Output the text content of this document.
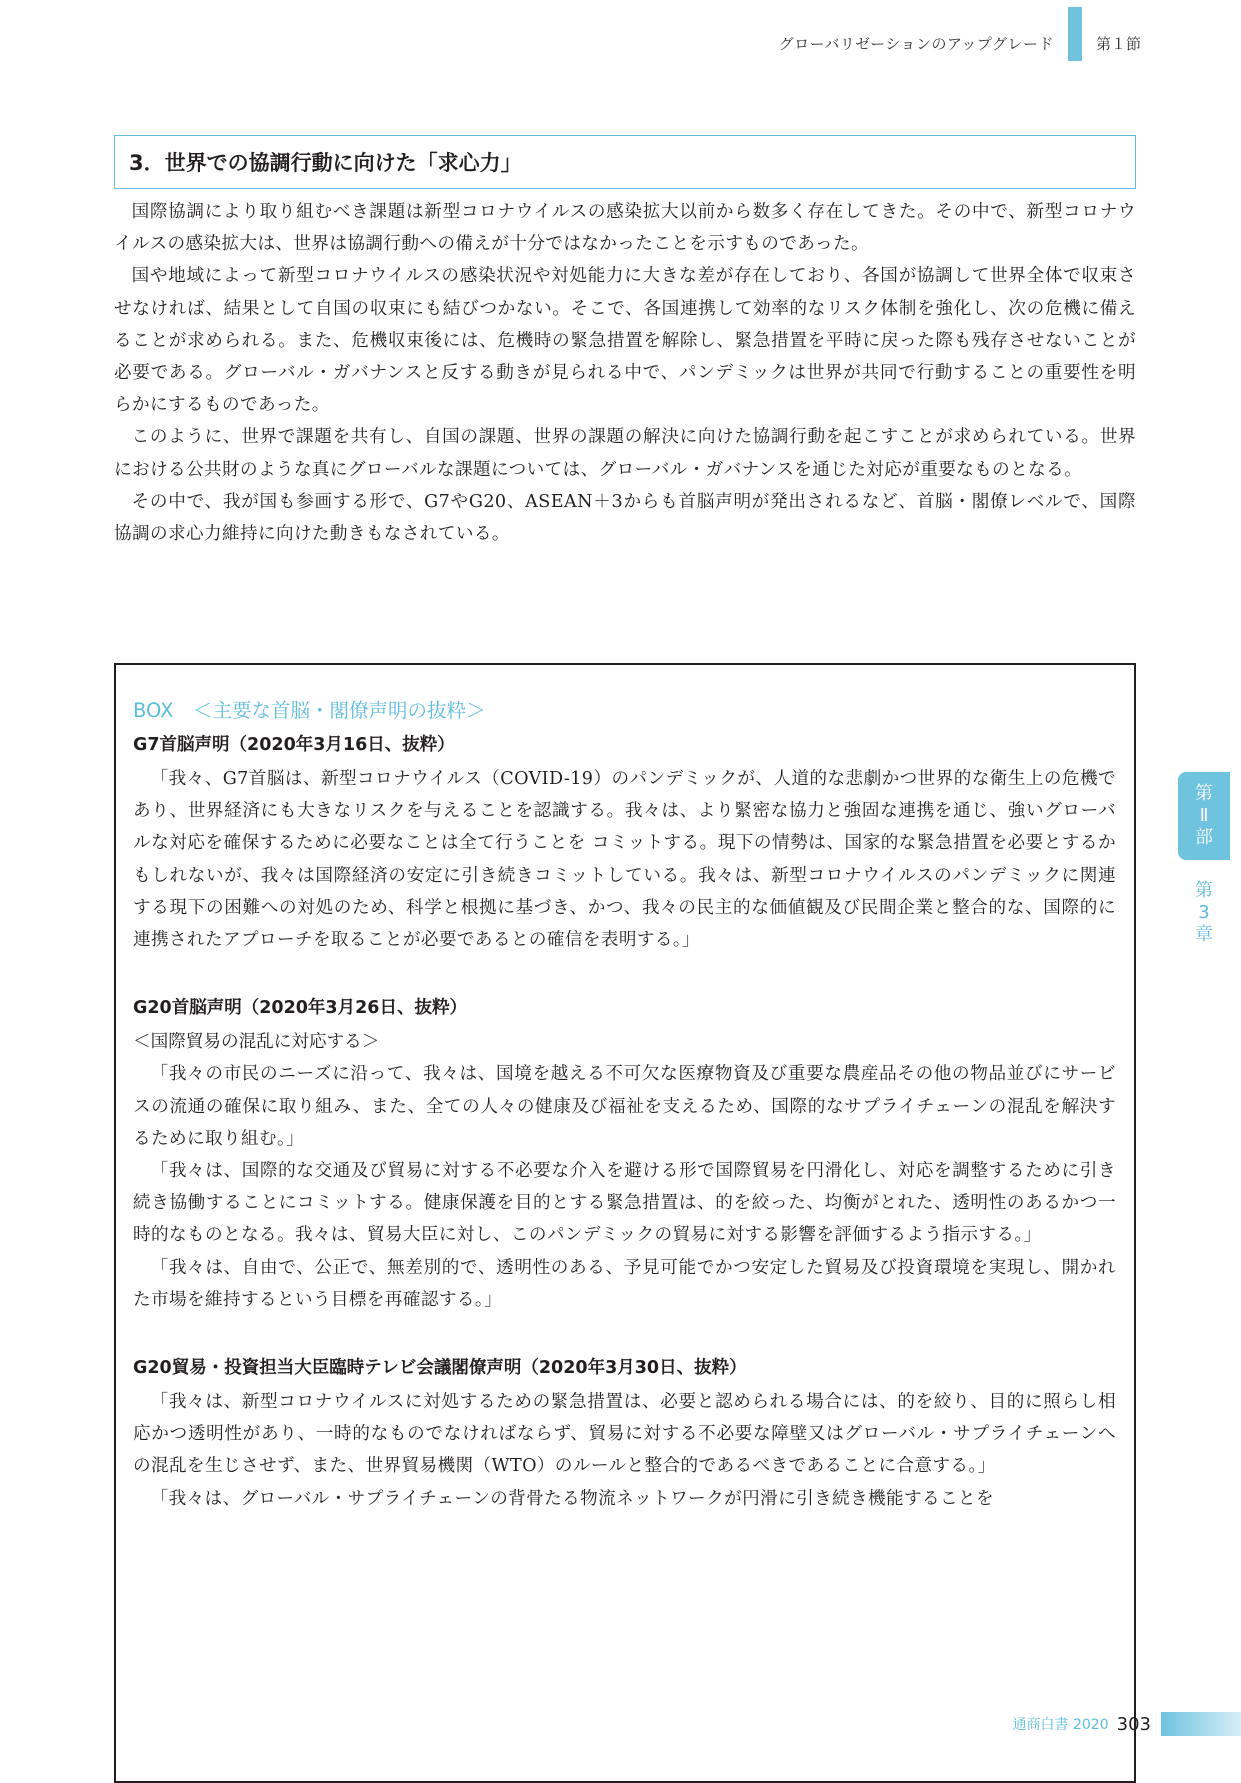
グローバリゼーションのアップグレード	第１節
3．世界での協調行動に向けた「求心力」

国際協調により取り組むべき課題は新型コロナウイルスの感染拡大以前から数多く存在してきた。その中で、新型コロナウイルスの感染拡大は、世界は協調行動への備えが十分ではなかったことを示すものであった。

国や地域によって新型コロナウイルスの感染状況や対処能力に大きな差が存在しており、各国が協調して世界全体で収束させなければ、結果として自国の収束にも結びつかない。そこで、各国連携して効率的なリスク体制を強化し、次の危機に備えることが求められる。また、危機収束後には、危機時の緊急措置を解除し、緊急措置を平時に戻った際も残存させないことが必要である。グローバル・ガバナンスと反する動きが見られる中で、パンデミックは世界が共同で行動することの重要性を明らかにするものであった。

このように、世界で課題を共有し、自国の課題、世界の課題の解決に向けた協調行動を起こすことが求められている。世界における公共財のような真にグローバルな課題については、グローバル・ガバナンスを通じた対応が重要なものとなる。

その中で、我が国も参画する形で、G7やG20、ASEAN＋3からも首脳声明が発出されるなど、首脳・閣僚レベルで、国際協調の求心力維持に向けた動きもなされている。

BOX　＜主要な首脳・閣僚声明の抜粋＞
G7首脳声明（2020年3月16日、抜粋）

「我々、G7首脳は、新型コロナウイルス（COVID-19）のパンデミックが、人道的な悲劇かつ世界的な衛生上の危機であり、世界経済にも大きなリスクを与えることを認識する。我々は、より緊密な協力と強固な連携を通じ、強いグローバルな対応を確保するために必要なことは全て行うことを コミットする。現下の情勢は、国家的な緊急措置を必要とするかもしれないが、我々は国際経済の安定に引き続きコミットしている。我々は、新型コロナウイルスのパンデミックに関連する現下の困難への対処のため、科学と根拠に基づき、かつ、我々の民主的な価値観及び民間企業と整合的な、国際的に連携されたアプローチを取ることが必要であるとの確信を表明する。」

G20首脳声明（2020年3月26日、抜粋）

＜国際貿易の混乱に対応する＞

「我々の市民のニーズに沿って、我々は、国境を越える不可欠な医療物資及び重要な農産品その他の物品並びにサービスの流通の確保に取り組み、また、全ての人々の健康及び福祉を支えるため、国際的なサプライチェーンの混乱を解決するために取り組む。」

「我々は、国際的な交通及び貿易に対する不必要な介入を避ける形で国際貿易を円滑化し、対応を調整するために引き続き協働することにコミットする。健康保護を目的とする緊急措置は、的を絞った、均衡がとれた、透明性のあるかつ一時的なものとなる。我々は、貿易大臣に対し、このパンデミックの貿易に対する影響を評価するよう指示する。」

「我々は、自由で、公正で、無差別的で、透明性のある、予見可能でかつ安定した貿易及び投資環境を実現し、開かれた市場を維持するという目標を再確認する。」

G20貿易・投資担当大臣臨時テレビ会議閣僚声明（2020年3月30日、抜粋）

「我々は、新型コロナウイルスに対処するための緊急措置は、必要と認められる場合には、的を絞り、目的に照らし相応かつ透明性があり、一時的なものでなければならず、貿易に対する不必要な障壁又はグローバル・サプライチェーンへの混乱を生じさせず、また、世界貿易機関（WTO）のルールと整合的であるべきであることに合意する。」

「我々は、グローバル・サプライチェーンの背骨たる物流ネットワークが円滑に引き続き機能することを

第
Ⅱ
部
第
3
章
通商白書 2020 303
